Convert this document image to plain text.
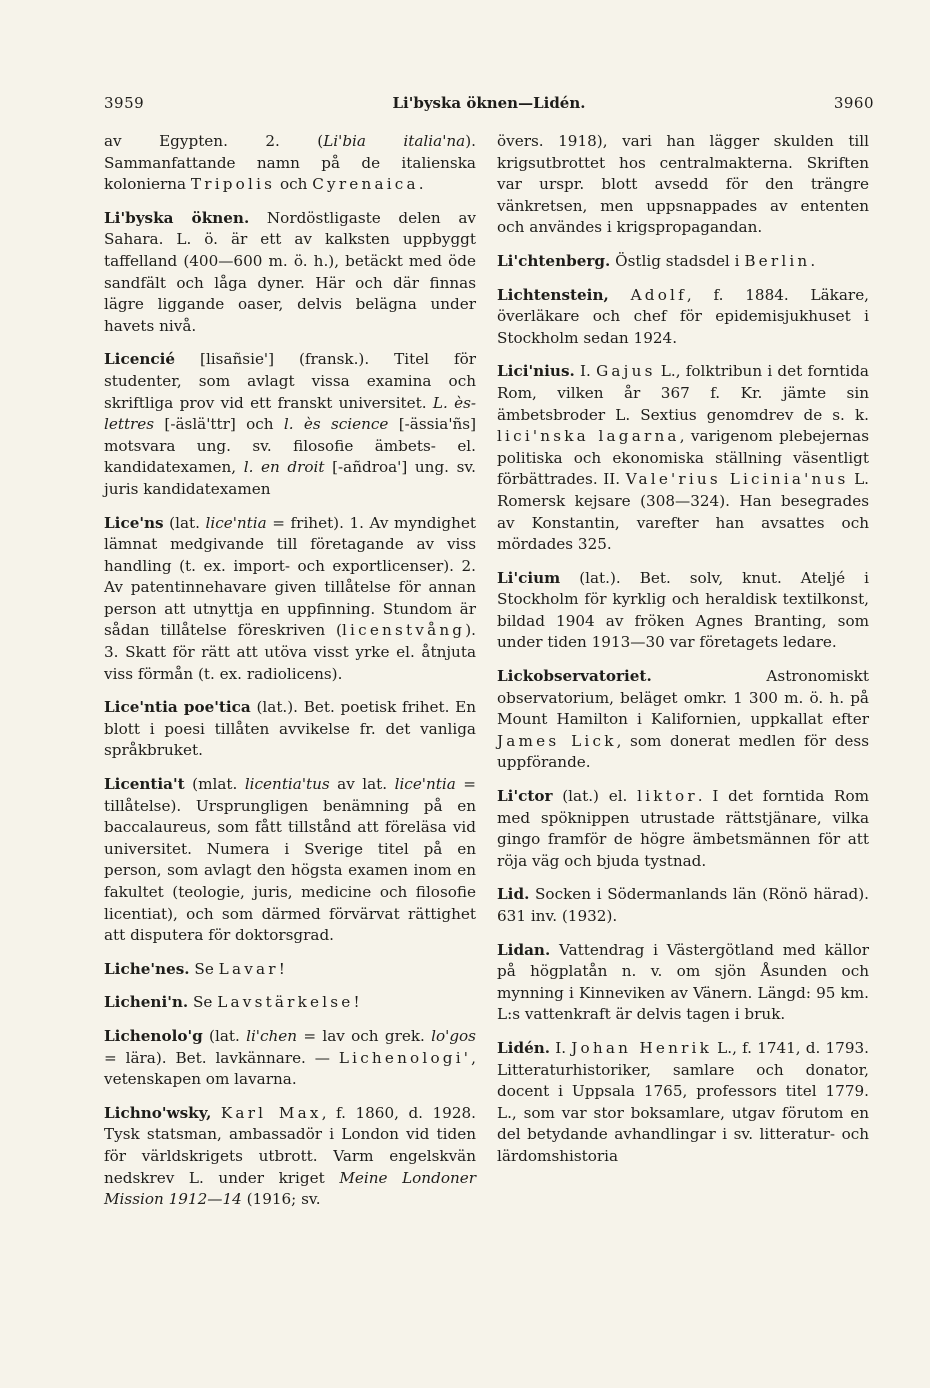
3959	Li'byska öknen—Lidén.	3960

av Egypten. 2. (Li'bia italia'na). Sammanfattande namn på de italienska kolonierna Tripolis och Cyrenaica.

Li'byska öknen. Nordöstligaste delen av Sahara. L. ö. är ett av kalksten uppbyggt taffelland (400—600 m. ö. h.), betäckt med öde sandfält och låga dyner. Här och där finnas lägre liggande oaser, delvis belägna under havets nivå.

Licencié [lisañsie'] (fransk.). Titel för studenter, som avlagt vissa examina och skriftliga prov vid ett franskt universitet. L. ès-lettres [-äslä'ttr] och l. ès science [-ässia'ñs] motsvara ung. sv. filosofie ämbets- el. kandidatexamen, l. en droit [-añdroa'] ung. sv. juris kandidatexamen

Lice'ns (lat. lice'ntia = frihet). 1. Av myndighet lämnat medgivande till företagande av viss handling (t. ex. import- och exportlicenser). 2. Av patentinnehavare given tillåtelse för annan person att utnyttja en uppfinning. Stundom är sådan tillåtelse föreskriven (licenstvång). 3. Skatt för rätt att utöva visst yrke el. åtnjuta viss förmån (t. ex. radiolicens).

Lice'ntia poe'tica (lat.). Bet. poetisk frihet. En blott i poesi tillåten avvikelse fr. det vanliga språkbruket.

Licentia't (mlat. licentia'tus av lat. lice'ntia = tillåtelse). Ursprungligen benämning på en baccalaureus, som fått tillstånd att föreläsa vid universitet. Numera i Sverige titel på en person, som avlagt den högsta examen inom en fakultet (teologie, juris, medicine och filosofie licentiat), och som därmed förvärvat rättighet att disputera för doktorsgrad.

Liche'nes. Se Lavar!

Licheni'n. Se Lavstärkelse!

Lichenolo'g (lat. li'chen = lav och grek. lo'gos = lära). Bet. lavkännare. — Lichenologi', vetenskapen om lavarna.

Lichno'wsky, Karl Max, f. 1860, d. 1928. Tysk statsman, ambassadör i London vid tiden för världskrigets utbrott. Varm engelskvän nedskrev L. under kriget Meine Londoner Mission 1912—14 (1916; sv.

övers. 1918), vari han lägger skulden till krigsutbrottet hos centralmakterna. Skriften var urspr. blott avsedd för den trängre vänkretsen, men uppsnappades av ententen och användes i krigspropagandan.

Li'chtenberg. Östlig stadsdel i Berlin.

Lichtenstein, Adolf, f. 1884. Läkare, överläkare och chef för epidemisjukhuset i Stockholm sedan 1924.

Lici'nius. I. Gajus L., folktribun i det forntida Rom, vilken år 367 f. Kr. jämte sin ämbetsbroder L. Sextius genomdrev de s. k. lici'nska lagarna, varigenom plebejernas politiska och ekonomiska ställning väsentligt förbättrades. II. Vale'rius Licinia'nus L. Romersk kejsare (308—324). Han besegrades av Konstantin, varefter han avsattes och mördades 325.

Li'cium (lat.). Bet. solv, knut. Ateljé i Stockholm för kyrklig och heraldisk textilkonst, bildad 1904 av fröken Agnes Branting, som under tiden 1913—30 var företagets ledare.

Lickobservatoriet. Astronomiskt observatorium, beläget omkr. 1 300 m. ö. h. på Mount Hamilton i Kalifornien, uppkallat efter James Lick, som donerat medlen för dess uppförande.

Li'ctor (lat.) el. liktor. I det forntida Rom med spöknippen utrustade rättstjänare, vilka gingo framför de högre ämbetsmännen för att röja väg och bjuda tystnad.

Lid. Socken i Södermanlands län (Rönö härad). 631 inv. (1932).

Lidan. Vattendrag i Västergötland med källor på högplatån n. v. om sjön Åsunden och mynning i Kinneviken av Vänern. Längd: 95 km. L:s vattenkraft är delvis tagen i bruk.

Lidén. I. Johan Henrik L., f. 1741, d. 1793. Litteraturhistoriker, samlare och donator, docent i Uppsala 1765, professors titel 1779. L., som var stor boksamlare, utgav förutom en del betydande avhandlingar i sv. litteratur- och lärdomshistoria
